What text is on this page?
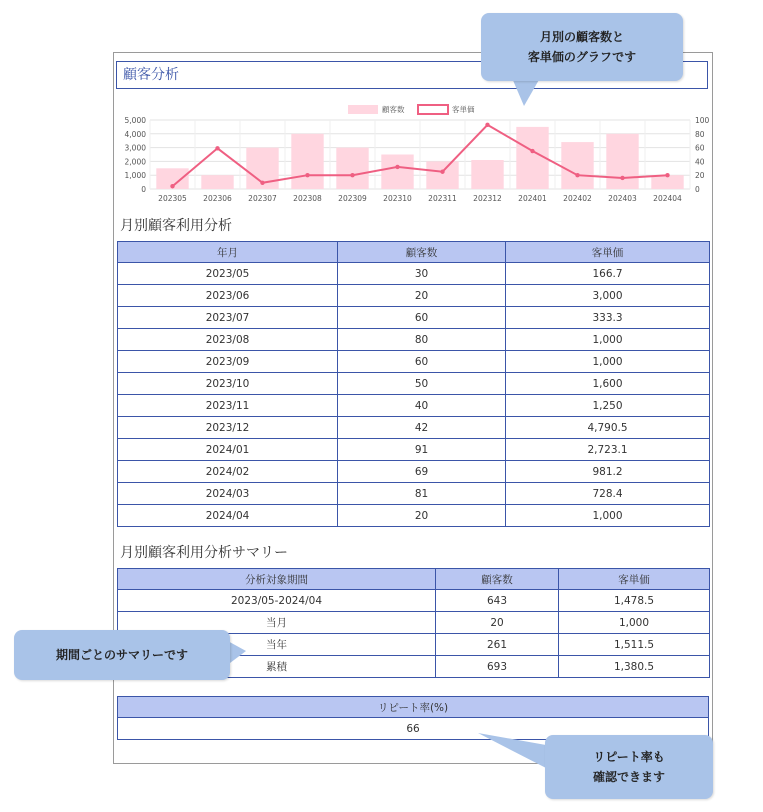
顧客分析
0
1,000
2,000
3,000
4,000
5,000
0
20
40
60
80
100
202305 202306 202307 202308 202309 202310 202311 202312 202401 202402 202403 202404
顧客数	客単価
月別顧客利用分析
年月	顧客数	客単価
2023/05	30	166.7
2023/06	20	3,000
2023/07	60	333.3
2023/08	80	1,000
2023/09	60	1,000
2023/10	50	1,600
2023/11	40	1,250
2023/12	42	4,790.5
2024/01	91	2,723.1
2024/02	69	981.2
2024/03	81	728.4
2024/04	20	1,000
月別顧客利用分析サマリー
分析対象期間	顧客数	客単価
2023/05-2024/04	643	1,478.5
当月	20	1,000
当年	261	1,511.5
累積	693	1,380.5
リピート率(%)
66
月別の顧客数と
客単価のグラフです
期間ごとのサマリーです
リピート率も
確認できます
